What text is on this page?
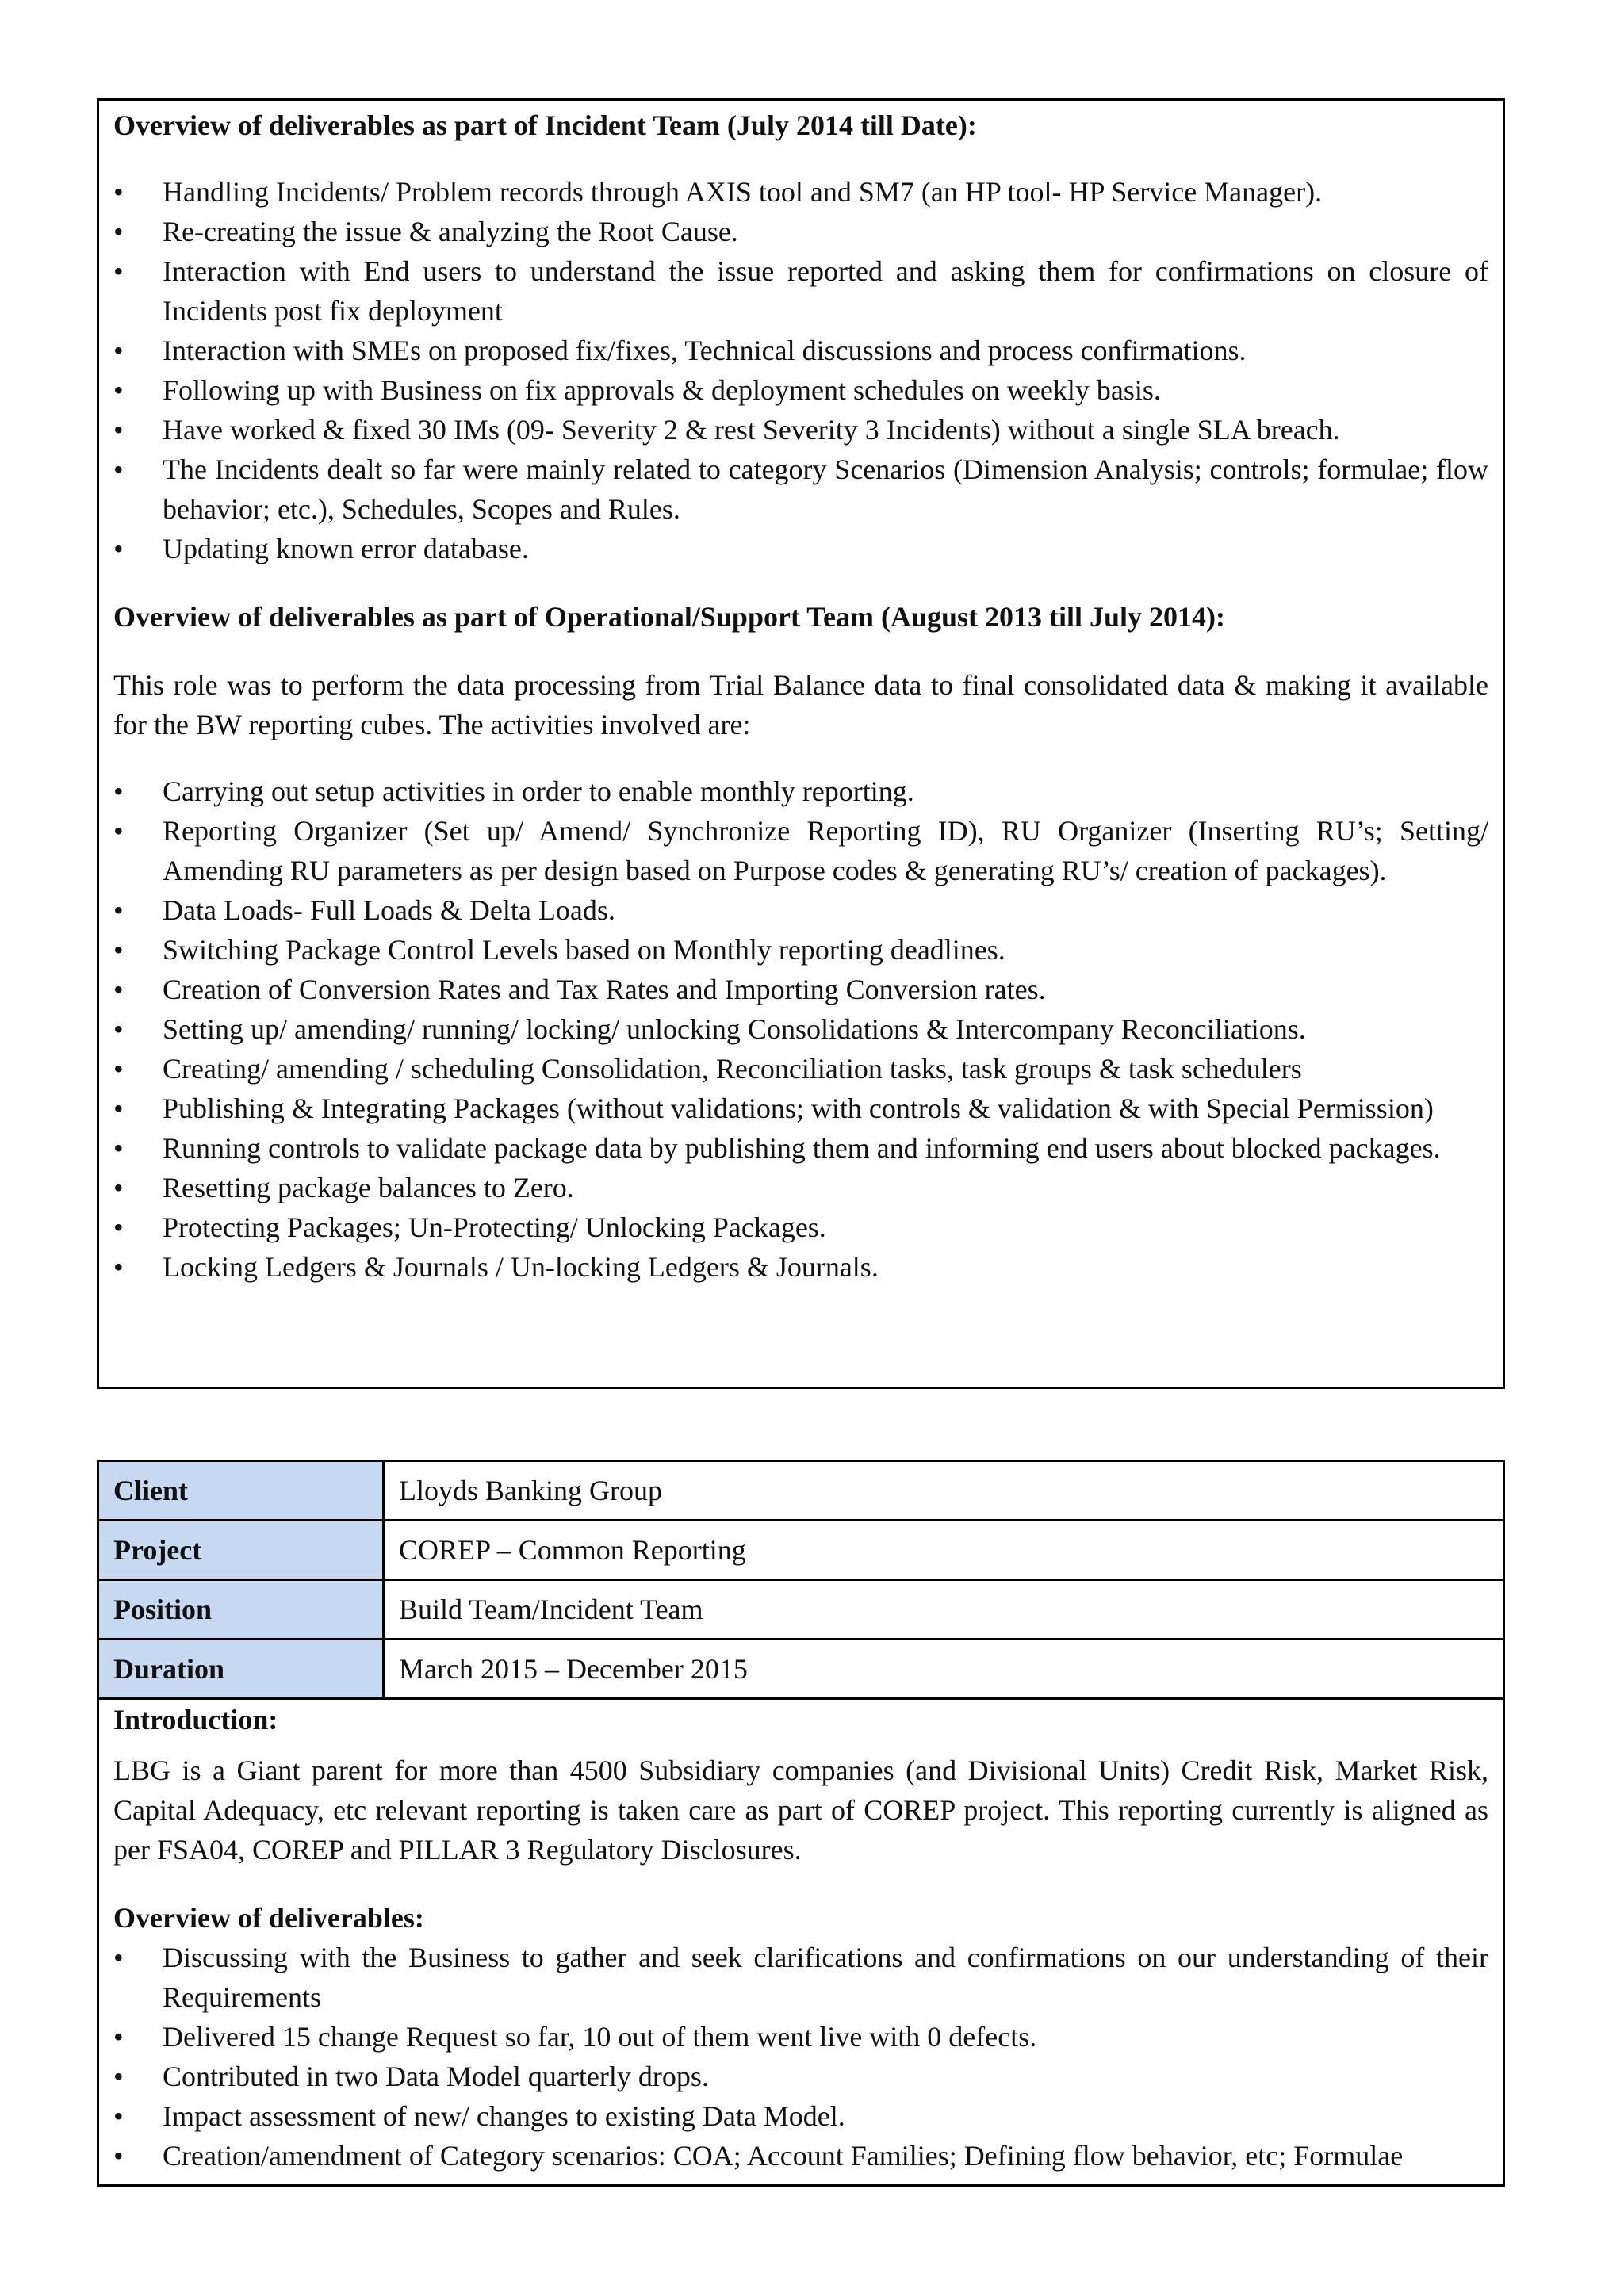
Overview of deliverables as part of Incident Team (July 2014 till Date):

•	Handling Incidents/ Problem records through AXIS tool and SM7 (an HP tool- HP Service Manager).
•	Re-creating the issue & analyzing the Root Cause.
•	Interaction with End users to understand the issue reported and asking them for confirmations on closure of Incidents post fix deployment
•	Interaction with SMEs on proposed fix/fixes, Technical discussions and process confirmations.
•	Following up with Business on fix approvals & deployment schedules on weekly basis.
•	Have worked & fixed 30 IMs (09- Severity 2 & rest Severity 3 Incidents) without a single SLA breach.
•	The Incidents dealt so far were mainly related to category Scenarios (Dimension Analysis; controls; formulae; flow behavior; etc.), Schedules, Scopes and Rules.
•	Updating known error database.

Overview of deliverables as part of Operational/Support Team (August 2013 till July 2014):

This role was to perform the data processing from Trial Balance data to final consolidated data & making it available for the BW reporting cubes. The activities involved are:

•	Carrying out setup activities in order to enable monthly reporting.
•	Reporting Organizer (Set up/ Amend/ Synchronize Reporting ID), RU Organizer (Inserting RU’s; Setting/ Amending RU parameters as per design based on Purpose codes & generating RU’s/ creation of packages).
•	Data Loads- Full Loads & Delta Loads.
•	Switching Package Control Levels based on Monthly reporting deadlines.
•	Creation of Conversion Rates and Tax Rates and Importing Conversion rates.
•	Setting up/ amending/ running/ locking/ unlocking Consolidations & Intercompany Reconciliations.
•	Creating/ amending / scheduling Consolidation, Reconciliation tasks, task groups & task schedulers
•	Publishing & Integrating Packages (without validations; with controls & validation & with Special Permission)
•	Running controls to validate package data by publishing them and informing end users about blocked packages.
•	Resetting package balances to Zero.
•	Protecting Packages; Un-Protecting/ Unlocking Packages.
•	Locking Ledgers & Journals / Un-locking Ledgers & Journals.
Client	Lloyds Banking Group
Project	COREP – Common Reporting
Position	Build Team/Incident Team
Duration	March 2015 – December 2015

Introduction:

LBG is a Giant parent for more than 4500 Subsidiary companies (and Divisional Units) Credit Risk, Market Risk, Capital Adequacy, etc relevant reporting is taken care as part of COREP project. This reporting currently is aligned as per FSA04, COREP and PILLAR 3 Regulatory Disclosures.

Overview of deliverables:

•	Discussing with the Business to gather and seek clarifications and confirmations on our understanding of their Requirements
•	Delivered 15 change Request so far, 10 out of them went live with 0 defects.
•	Contributed in two Data Model quarterly drops.
•	Impact assessment of new/ changes to existing Data Model.
•	Creation/amendment of Category scenarios: COA; Account Families; Defining flow behavior, etc; Formulae
